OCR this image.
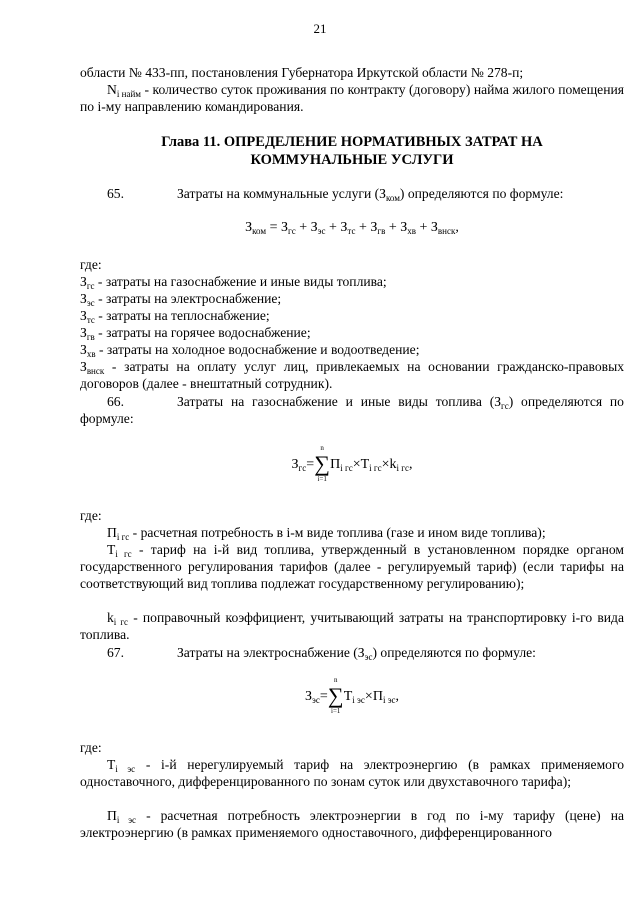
21
области № 433-пп, постановления Губернатора Иркутской области № 278-п;
$N_{i найм}$ - количество суток проживания по контракту (договору) найма жилого помещения по i-му направлению командирования.
Глава 11. ОПРЕДЕЛЕНИЕ НОРМАТИВНЫХ ЗАТРАТ НА
КОММУНАЛЬНЫЕ УСЛУГИ
65.	Затраты на коммунальные услуги $(З_{ком})$ определяются по формуле:
$З_{ком} = З_{гс} + З_{эс} + З_{тс} + З_{гв} + З_{хв} + З_{внск}$,
где:
$З_{гс}$ - затраты на газоснабжение и иные виды топлива;
$З_{эс}$ - затраты на электроснабжение;
$З_{тс}$ - затраты на теплоснабжение;
$З_{гв}$ - затраты на горячее водоснабжение;
$З_{хв}$ - затраты на холодное водоснабжение и водоотведение;
$З_{внск}$ - затраты на оплату услуг лиц, привлекаемых на основании гражданско-правовых договоров (далее - внештатный сотрудник).
66.	Затраты на газоснабжение и иные виды топлива $(З_{гс})$ определяются по формуле:
$З_{гс}=$
n
∑
i=1
$П_{i гс}\times Т_{i гс}\times k_{i гс}$,
где:
$П_{i гс}$ - расчетная потребность в i-м виде топлива (газе и ином виде топлива);
$Т_{i гс}$ - тариф на i-й вид топлива, утвержденный в установленном порядке органом государственного регулирования тарифов (далее - регулируемый тариф) (если тарифы на соответствующий вид топлива подлежат государственному регулированию);
$k_{i гс}$ - поправочный коэффициент, учитывающий затраты на транспортировку i-го вида топлива.
67.	Затраты на электроснабжение $(З_{эс})$ определяются по формуле:
$З_{эс}=$
n
∑
i=1
$Т_{i эс}\times П_{i эс}$,
где:
$Т_{i эс} - i-й$ нерегулируемый тариф на электроэнергию (в рамках применяемого одноставочного, дифференцированного по зонам суток или двухставочного тарифа);
$П_{i эс}$ - расчетная потребность электроэнергии в год по i-му тарифу (цене) на электроэнергию (в рамках применяемого одноставочного, дифференцированного
